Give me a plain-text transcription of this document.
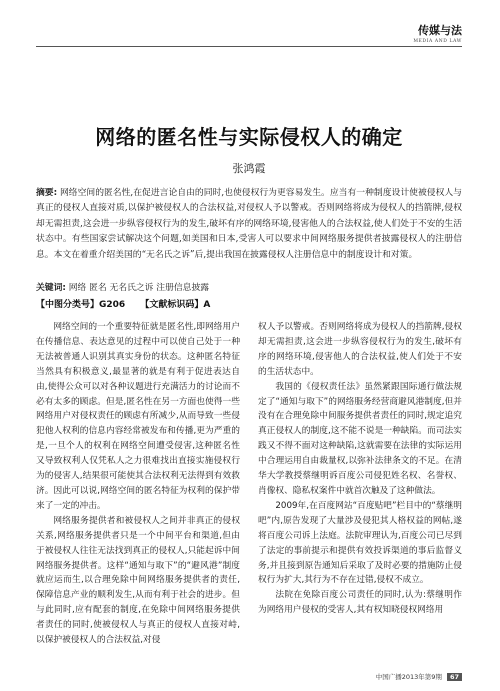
传媒与法
MEDIA AND LAW
网络的匿名性与实际侵权人的确定
张鸿霞
摘要: 网络空间的匿名性,在促进言论自由的同时,也使侵权行为更容易发生。应当有一种制度设计使被侵权人与真正的侵权人直接对质,以保护被侵权人的合法权益,对侵权人予以警戒。否则网络将成为侵权人的挡箭牌,侵权却无需担责,这会进一步纵容侵权行为的发生,破坏有序的网络环境,侵害他人的合法权益,使人们处于不安的生活状态中。有些国家尝试解决这个问题,如美国和日本,受害人可以要求中间网络服务提供者披露侵权人的注册信息。本文在着重介绍美国的“无名氏之诉”后,提出我国在披露侵权人注册信息中的制度设计和对策。
关键词: 网络 匿名 无名氏之诉 注册信息披露
【中图分类号】G206 【文献标识码】A

网络空间的一个重要特征就是匿名性,即网络用户在传播信息、表达意见的过程中可以使自己处于一种无法被普通人识别其真实身份的状态。这种匿名特征当然具有积极意义,最显著的就是有利于促进表达自由,使得公众可以对各种议题进行充满活力的讨论而不必有太多的顾虑。但是,匿名性在另一方面也使得一些网络用户对侵权责任的顾虑有所减少,从而导致一些侵犯他人权利的信息内容经常被发布和传播,更为严重的是,一旦个人的权利在网络空间遭受侵害,这种匿名性又导致权利人仅凭私人之力很难找出直接实施侵权行为的侵害人,结果很可能使其合法权利无法得到有效救济。因此可以说,网络空间的匿名特征为权利的保护带来了一定的冲击。

网络服务提供者和被侵权人之间并非真正的侵权关系,网络服务提供者只是一个中间平台和渠道,但由于被侵权人往往无法找到真正的侵权人,只能起诉中间网络服务提供者。这样“通知与取下”的“避风港”制度就应运而生,以合理免除中间网络服务提供者的责任,保障信息产业的顺利发生,从而有利于社会的进步。但与此同时,应有配套的制度,在免除中间网络服务提供者责任的同时,使被侵权人与真正的侵权人直接对峙,以保护被侵权人的合法权益,对侵

权人予以警戒。否则网络将成为侵权人的挡箭牌,侵权却无需担责,这会进一步纵容侵权行为的发生,破坏有序的网络环境,侵害他人的合法权益,使人们处于不安的生活状态中。

我国的《侵权责任法》虽然紧跟国际通行做法规定了“通知与取下”的网络服务经营商避风港制度,但并没有在合理免除中间服务提供者责任的同时,规定追究真正侵权人的制度,这不能不说是一种缺陷。而司法实践又不得不面对这种缺陷,这就需要在法律的实际运用中合理运用自由裁量权,以弥补法律条文的不足。在清华大学教授蔡继明诉百度公司侵犯姓名权、名誉权、肖像权、隐私权案件中就首次触及了这种做法。

2009年,在百度网站“百度贴吧”栏目中的“蔡继明吧”内,原告发现了大量涉及侵犯其人格权益的网帖,遂将百度公司诉上法庭。法院审理认为,百度公司已尽到了法定的事前提示和提供有效投诉渠道的事后监督义务,并且接到原告通知后采取了及时必要的措施防止侵权行为扩大,其行为不存在过错,侵权不成立。

法院在免除百度公司责任的同时,认为:蔡继明作为网络用户侵权的受害人,其有权知晓侵权网络用

中国广播2013年第9期 67
